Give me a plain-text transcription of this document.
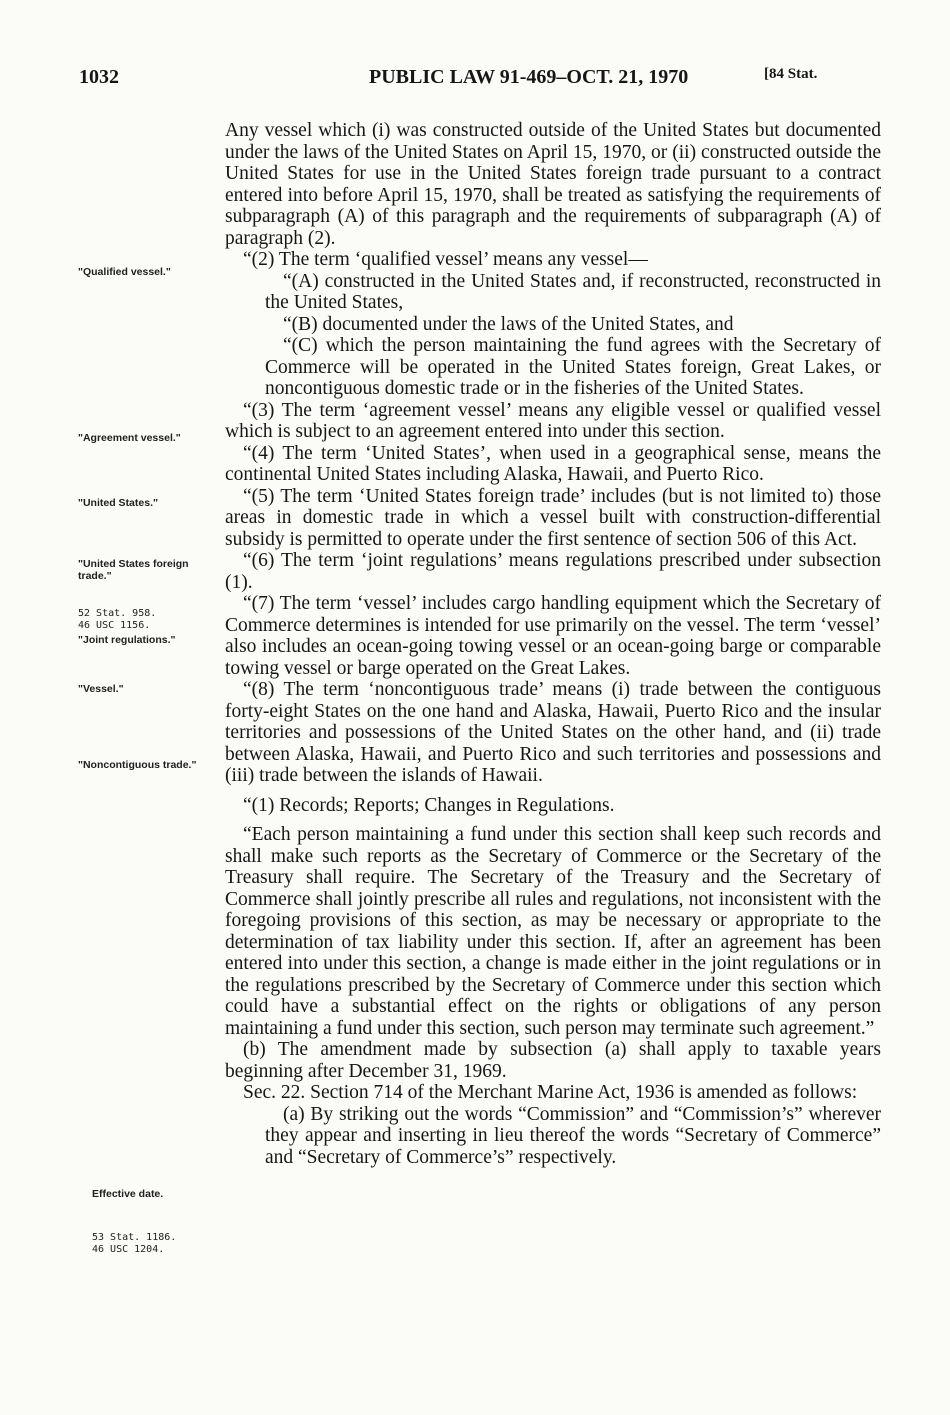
1032	PUBLIC LAW 91-469–OCT. 21, 1970	[84 Stat.
"Qualified vessel."
"Agreement vessel."
"United States."
"United States foreign trade."
52 Stat. 958. 46 USC 1156.
"Joint regulations."
"Vessel."
"Noncontiguous trade."
Effective date.
53 Stat. 1186. 46 USC 1204.

Any vessel which (i) was constructed outside of the United States but documented under the laws of the United States on April 15, 1970, or (ii) constructed outside the United States for use in the United States foreign trade pursuant to a contract entered into before April 15, 1970, shall be treated as satisfying the requirements of subparagraph (A) of this paragraph and the requirements of subparagraph (A) of paragraph (2).

“(2) The term ‘qualified vessel’ means any vessel—

“(A) constructed in the United States and, if reconstructed, reconstructed in the United States,

“(B) documented under the laws of the United States, and

“(C) which the person maintaining the fund agrees with the Secretary of Commerce will be operated in the United States foreign, Great Lakes, or noncontiguous domestic trade or in the fisheries of the United States.

“(3) The term ‘agreement vessel’ means any eligible vessel or qualified vessel which is subject to an agreement entered into under this section.

“(4) The term ‘United States’, when used in a geographical sense, means the continental United States including Alaska, Hawaii, and Puerto Rico.

“(5) The term ‘United States foreign trade’ includes (but is not limited to) those areas in domestic trade in which a vessel built with construction-differential subsidy is permitted to operate under the first sentence of section 506 of this Act.

“(6) The term ‘joint regulations’ means regulations prescribed under subsection (1).

“(7) The term ‘vessel’ includes cargo handling equipment which the Secretary of Commerce determines is intended for use primarily on the vessel. The term ‘vessel’ also includes an ocean-going towing vessel or an ocean-going barge or comparable towing vessel or barge operated on the Great Lakes.

“(8) The term ‘noncontiguous trade’ means (i) trade between the contiguous forty-eight States on the one hand and Alaska, Hawaii, Puerto Rico and the insular territories and possessions of the United States on the other hand, and (ii) trade between Alaska, Hawaii, and Puerto Rico and such territories and possessions and (iii) trade between the islands of Hawaii.

“(1) Records; Reports; Changes in Regulations.

“Each person maintaining a fund under this section shall keep such records and shall make such reports as the Secretary of Commerce or the Secretary of the Treasury shall require. The Secretary of the Treasury and the Secretary of Commerce shall jointly prescribe all rules and regulations, not inconsistent with the foregoing provisions of this section, as may be necessary or appropriate to the determination of tax liability under this section. If, after an agreement has been entered into under this section, a change is made either in the joint regulations or in the regulations prescribed by the Secretary of Commerce under this section which could have a substantial effect on the rights or obligations of any person maintaining a fund under this section, such person may terminate such agreement.”

(b) The amendment made by subsection (a) shall apply to taxable years beginning after December 31, 1969.

Sec. 22. Section 714 of the Merchant Marine Act, 1936 is amended as follows:

(a) By striking out the words “Commission” and “Commission’s” wherever they appear and inserting in lieu thereof the words “Secretary of Commerce” and “Secretary of Commerce’s” respectively.
